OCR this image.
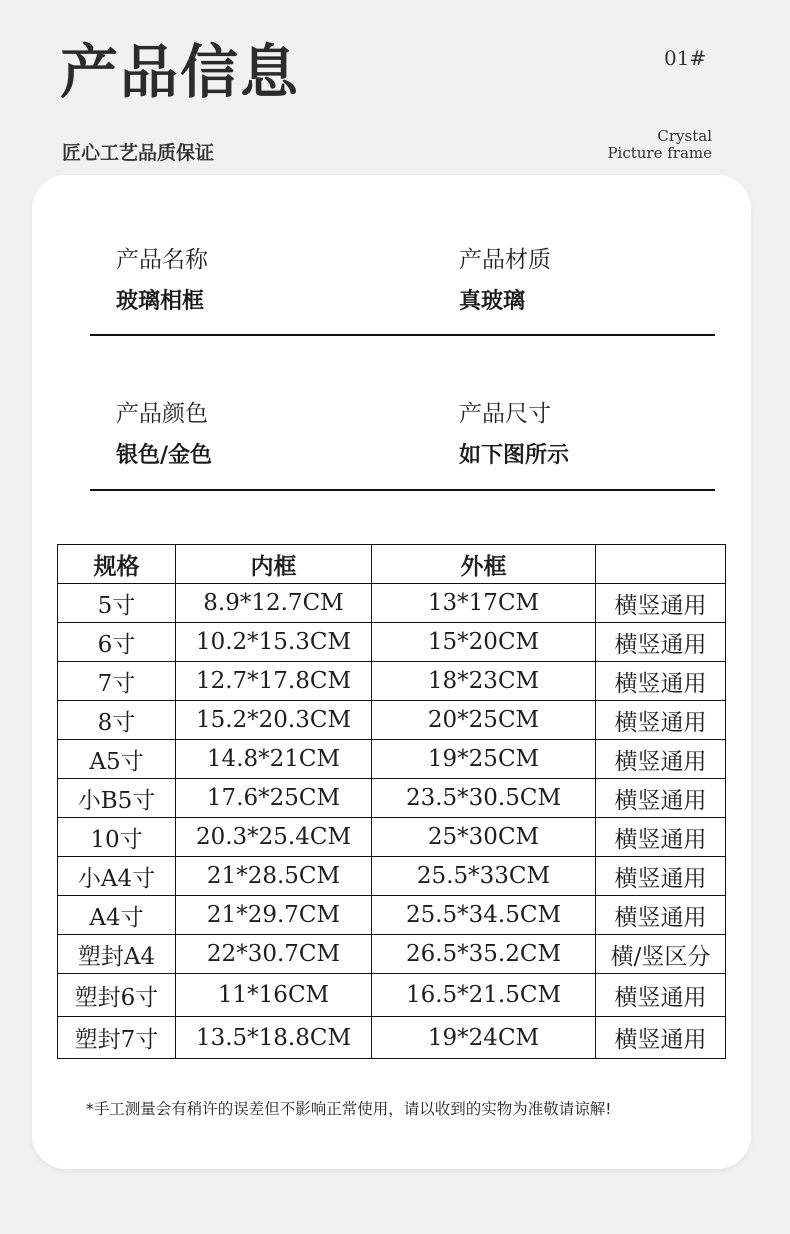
产品信息	01#
匠心工艺品质保证
Crystal
Picture frame
产品名称
玻璃相框
产品材质
真玻璃
产品颜色
银色/金色
产品尺寸
如下图所示
规格	内框	外框	
5寸	8.9*12.7CM	13*17CM	横竖通用
6寸	10.2*15.3CM	15*20CM	横竖通用
7寸	12.7*17.8CM	18*23CM	横竖通用
8寸	15.2*20.3CM	20*25CM	横竖通用
A5寸	14.8*21CM	19*25CM	横竖通用
小B5寸	17.6*25CM	23.5*30.5CM	横竖通用
10寸	20.3*25.4CM	25*30CM	横竖通用
小A4寸	21*28.5CM	25.5*33CM	横竖通用
A4寸	21*29.7CM	25.5*34.5CM	横竖通用
塑封A4	22*30.7CM	26.5*35.2CM	横/竖区分
塑封6寸	11*16CM	16.5*21.5CM	横竖通用
塑封7寸	13.5*18.8CM	19*24CM	横竖通用
*手工测量会有稍许的误差但不影响正常使用，请以收到的实物为准敬请谅解!
